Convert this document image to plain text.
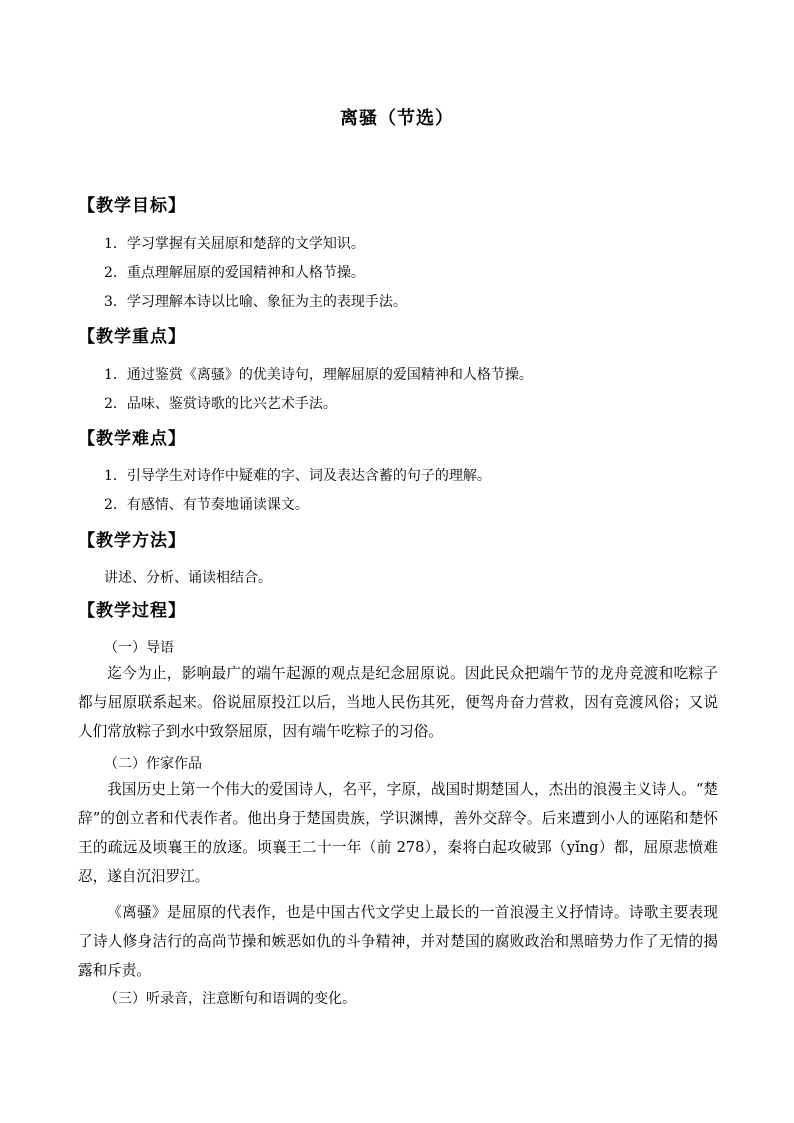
离骚（节选）
【教学目标】
1．学习掌握有关屈原和楚辞的文学知识。
2．重点理解屈原的爱国精神和人格节操。
3．学习理解本诗以比喻、象征为主的表现手法。
【教学重点】
1．通过鉴赏《离骚》的优美诗句，理解屈原的爱国精神和人格节操。
2．品味、鉴赏诗歌的比兴艺术手法。
【教学难点】
1．引导学生对诗作中疑难的字、词及表达含蓄的句子的理解。
2．有感情、有节奏地诵读课文。
【教学方法】
讲述、分析、诵读相结合。
【教学过程】
（一）导语
迄今为止，影响最广的端午起源的观点是纪念屈原说。因此民众把端午节的龙舟竞渡和吃粽子都与屈原联系起来。俗说屈原投江以后，当地人民伤其死，便驾舟奋力营救，因有竞渡风俗；又说人们常放粽子到水中致祭屈原，因有端午吃粽子的习俗。
（二）作家作品
我国历史上第一个伟大的爱国诗人，名平，字原，战国时期楚国人，杰出的浪漫主义诗人。“楚辞”的创立者和代表作者。他出身于楚国贵族，学识渊博，善外交辞令。后来遭到小人的诬陷和楚怀王的疏远及顷襄王的放逐。顷襄王二十一年（前 278），秦将白起攻破郢（yǐng）都，屈原悲愤难忍，遂自沉汨罗江。
《离骚》是屈原的代表作，也是中国古代文学史上最长的一首浪漫主义抒情诗。诗歌主要表现了诗人修身洁行的高尚节操和嫉恶如仇的斗争精神，并对楚国的腐败政治和黑暗势力作了无情的揭露和斥责。
（三）听录音，注意断句和语调的变化。
